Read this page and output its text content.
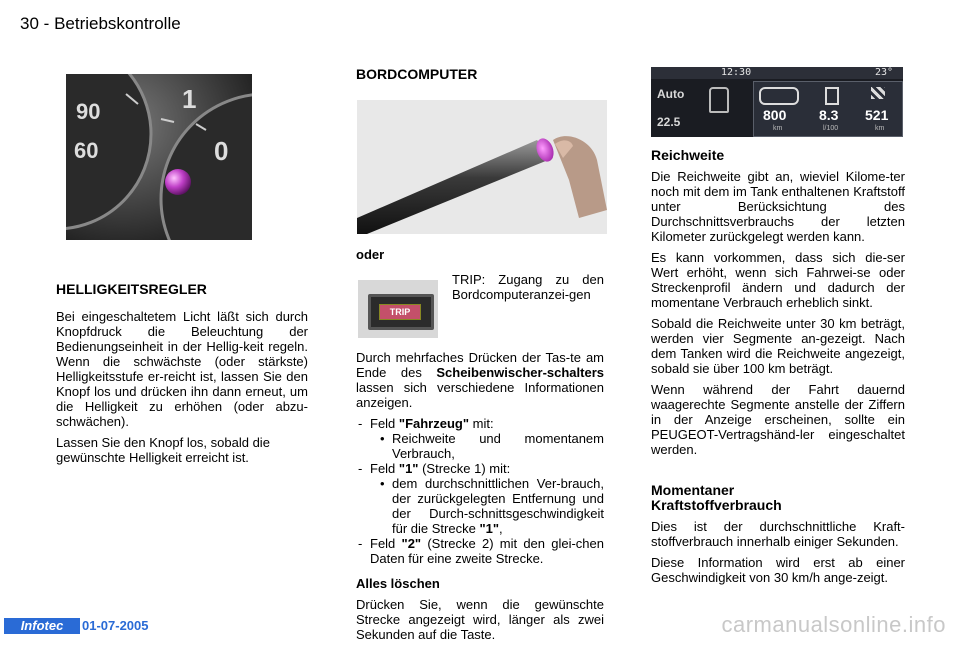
30 - Betriebskontrolle
90
60
1
0
HELLIGKEITSREGLER

Bei eingeschaltetem Licht läßt sich durch Knopfdruck die Beleuchtung der Bedienungseinheit in der Hellig-keit regeln. Wenn die schwächste (oder stärkste) Helligkeitsstufe er-reicht ist, lassen Sie den Knopf los und drücken ihn dann erneut, um die Helligkeit zu erhöhen (oder abzu-schwächen).

Lassen Sie den Knopf los, sobald die gewünschte Helligkeit erreicht ist.

BORDCOMPUTER
oder
TRIP

TRIP: Zugang zu den Bordcomputeranzei-gen

Durch mehrfaches Drücken der Tas-te am Ende des Scheibenwischer-schalters lassen sich verschiedene Informationen anzeigen.

- Feld "Fahrzeug" mit:
• Reichweite und momentanem Verbrauch,
- Feld "1" (Strecke 1) mit:
• dem durchschnittlichen Ver-brauch, der zurückgelegten Entfernung und der Durch-schnittsgeschwindigkeit für die Strecke "1",
- Feld "2" (Strecke 2) mit den glei-chen Daten für eine zweite Strecke.
Alles löschen

Drücken Sie, wenn die gewünschte Strecke angezeigt wird, länger als zwei Sekunden auf die Taste.

12:30	23°
Auto
22.5	800
km
8.3
l/100
521
km
Reichweite

Die Reichweite gibt an, wieviel Kilome-ter noch mit dem im Tank enthaltenen Kraftstoff unter Berücksichtung des Durchschnittsverbrauchs der letzten Kilometer zurückgelegt werden kann.

Es kann vorkommen, dass sich die-ser Wert erhöht, wenn sich Fahrwei-se oder Streckenprofil ändern und dadurch der momentane Verbrauch erheblich sinkt.

Sobald die Reichweite unter 30 km beträgt, werden vier Segmente an-gezeigt. Nach dem Tanken wird die Reichweite angezeigt, sobald sie über 100 km beträgt.

Wenn während der Fahrt dauernd waagerechte Segmente anstelle der Ziffern in der Anzeige erscheinen, sollte ein PEUGEOT-Vertragshänd-ler eingeschaltet werden.

Momentaner
Kraftstoffverbrauch

Dies ist der durchschnittliche Kraft-stoffverbrauch innerhalb einiger Sekunden.

Diese Information wird erst ab einer Geschwindigkeit von 30 km/h ange-zeigt.

Infotec	01-07-2005	carmanualsonline.info
